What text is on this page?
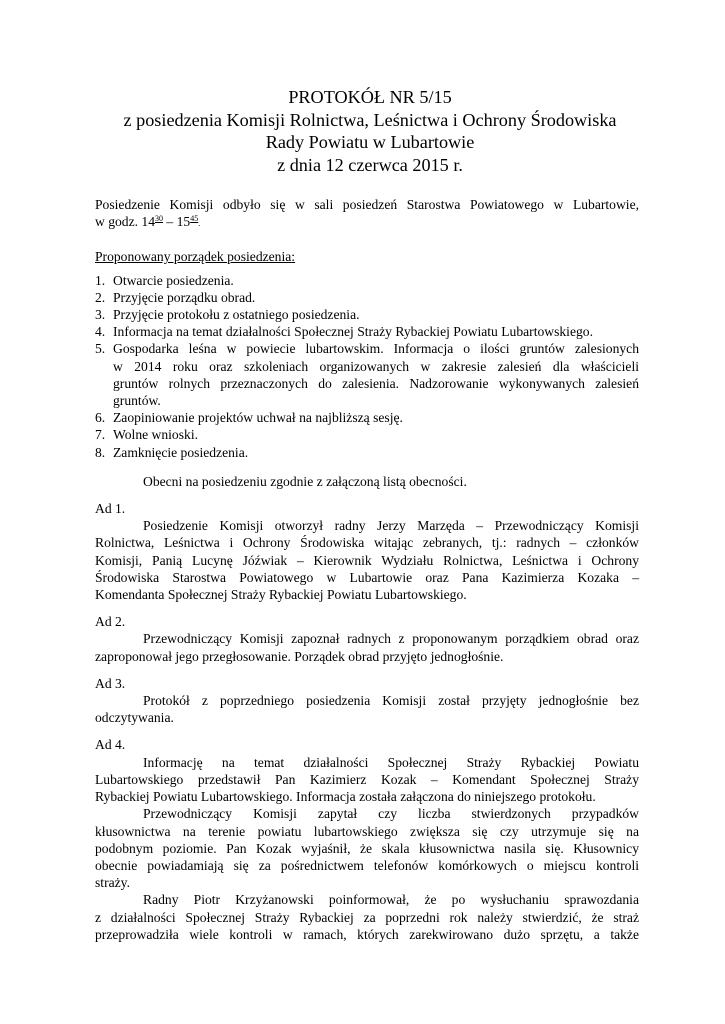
PROTOKÓŁ NR 5/15
z posiedzenia Komisji Rolnictwa, Leśnictwa i Ochrony Środowiska
Rady Powiatu w Lubartowie
z dnia 12 czerwca 2015 r.
Posiedzenie Komisji odbyło się w sali posiedzeń Starostwa Powiatowego w Lubartowie,
w godz. $14^{30} - 15^{45}$.
Proponowany porządek posiedzenia:
1. Otwarcie posiedzenia.
2. Przyjęcie porządku obrad.
3. Przyjęcie protokołu z ostatniego posiedzenia.
4. Informacja na temat działalności Społecznej Straży Rybackiej Powiatu Lubartowskiego.
5. Gospodarka leśna w powiecie lubartowskim. Informacja o ilości gruntów zalesionych
w 2014 roku oraz szkoleniach organizowanych w zakresie zalesień dla właścicieli
gruntów rolnych przeznaczonych do zalesienia. Nadzorowanie wykonywanych zalesień
gruntów.
6. Zaopiniowanie projektów uchwał na najbliższą sesję.
7. Wolne wnioski.
8. Zamknięcie posiedzenia.
Obecni na posiedzeniu zgodnie z załączoną listą obecności.
Ad 1.
Posiedzenie Komisji otworzył radny Jerzy Marzęda – Przewodniczący Komisji
Rolnictwa, Leśnictwa i Ochrony Środowiska witając zebranych, tj.: radnych – członków
Komisji, Panią Lucynę Jóźwiak – Kierownik Wydziału Rolnictwa, Leśnictwa i Ochrony
Środowiska Starostwa Powiatowego w Lubartowie oraz Pana Kazimierza Kozaka –
Komendanta Społecznej Straży Rybackiej Powiatu Lubartowskiego.
Ad 2.
Przewodniczący Komisji zapoznał radnych z proponowanym porządkiem obrad oraz
zaproponował jego przegłosowanie. Porządek obrad przyjęto jednogłośnie.
Ad 3.
Protokół z poprzedniego posiedzenia Komisji został przyjęty jednogłośnie bez
odczytywania.
Ad 4.
Informację na temat działalności Społecznej Straży Rybackiej Powiatu
Lubartowskiego przedstawił Pan Kazimierz Kozak – Komendant Społecznej Straży
Rybackiej Powiatu Lubartowskiego. Informacja została załączona do niniejszego protokołu.
Przewodniczący Komisji zapytał czy liczba stwierdzonych przypadków
kłusownictwa na terenie powiatu lubartowskiego zwiększa się czy utrzymuje się na
podobnym poziomie. Pan Kozak wyjaśnił, że skala kłusownictwa nasila się. Kłusownicy
obecnie powiadamiają się za pośrednictwem telefonów komórkowych o miejscu kontroli
straży.
Radny Piotr Krzyżanowski poinformował, że po wysłuchaniu sprawozdania
z działalności Społecznej Straży Rybackiej za poprzedni rok należy stwierdzić, że straż
przeprowadziła wiele kontroli w ramach, których zarekwirowano dużo sprzętu, a także
